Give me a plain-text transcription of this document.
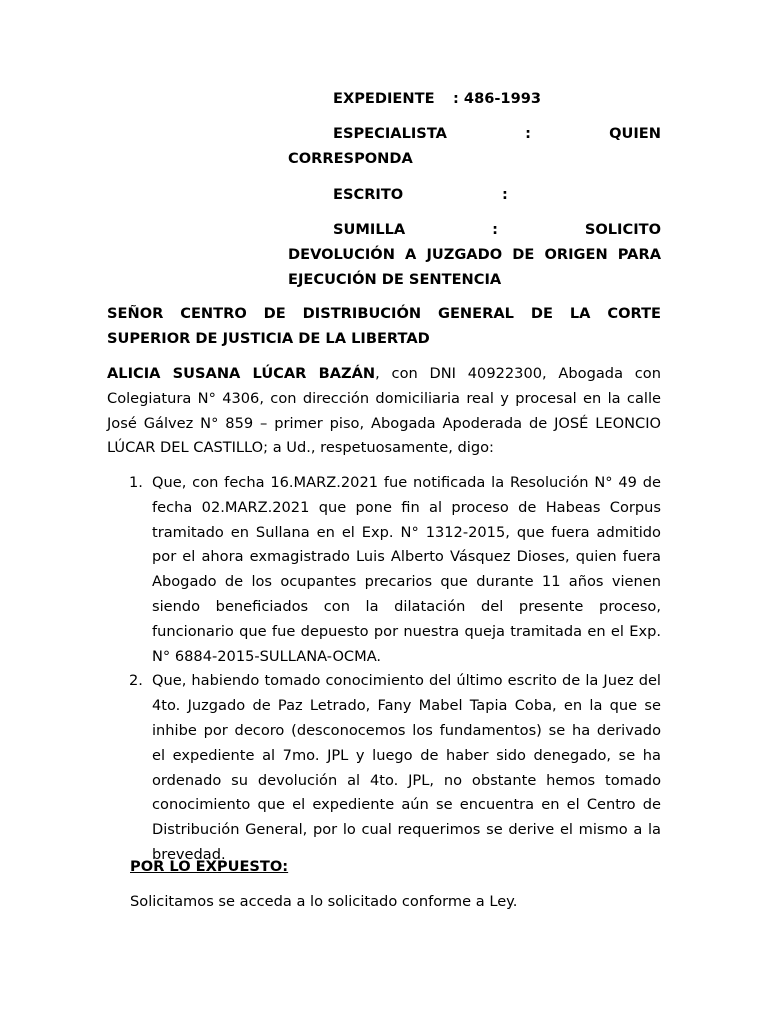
EXPEDIENTE : 486-1993
ESPECIALISTA	:	QUIEN
CORRESPONDA
ESCRITO	:
SUMILLA	:	SOLICITO
DEVOLUCIÓN A JUZGADO DE ORIGEN PARA
EJECUCIÓN DE SENTENCIA
SEÑOR CENTRO DE DISTRIBUCIÓN GENERAL DE LA CORTE SUPERIOR DE JUSTICIA DE LA LIBERTAD
ALICIA SUSANA LÚCAR BAZÁN, con DNI 40922300, Abogada con Colegiatura N° 4306, con dirección domiciliaria real y procesal en la calle José Gálvez N° 859 – primer piso, Abogada Apoderada de JOSÉ LEONCIO LÚCAR DEL CASTILLO; a Ud., respetuosamente, digo:
1. Que, con fecha 16.MARZ.2021 fue notificada la Resolución N° 49 de fecha 02.MARZ.2021 que pone fin al proceso de Habeas Corpus tramitado en Sullana en el Exp. N° 1312-2015, que fuera admitido por el ahora exmagistrado Luis Alberto Vásquez Dioses, quien fuera Abogado de los ocupantes precarios que durante 11 años vienen siendo beneficiados con la dilatación del presente proceso, funcionario que fue depuesto por nuestra queja tramitada en el Exp. N° 6884-2015-SULLANA-OCMA.
2. Que, habiendo tomado conocimiento del último escrito de la Juez del 4to. Juzgado de Paz Letrado, Fany Mabel Tapia Coba, en la que se inhibe por decoro (desconocemos los fundamentos) se ha derivado el expediente al 7mo. JPL y luego de haber sido denegado, se ha ordenado su devolución al 4to. JPL, no obstante hemos tomado conocimiento que el expediente aún se encuentra en el Centro de Distribución General, por lo cual requerimos se derive el mismo a la brevedad.
POR LO EXPUESTO:
Solicitamos se acceda a lo solicitado conforme a Ley.
